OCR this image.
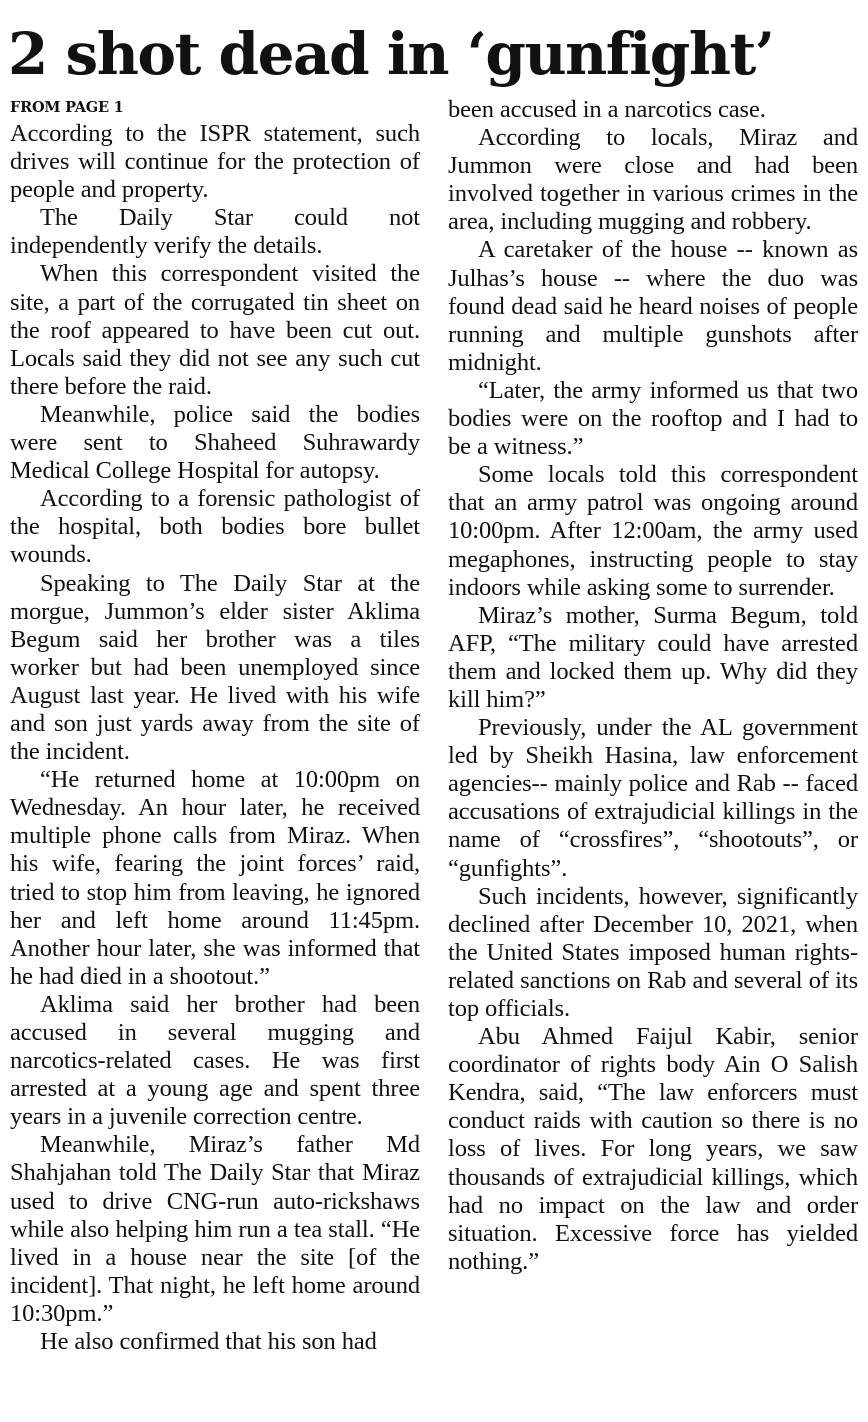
2 shot dead in ‘gunfight’
FROM PAGE 1

According to the ISPR statement, such drives will continue for the protection of people and property.

The Daily Star could not independently verify the details.

When this correspondent visited the site, a part of the corrugated tin sheet on the roof appeared to have been cut out. Locals said they did not see any such cut there before the raid.

Meanwhile, police said the bodies were sent to Shaheed Suhrawardy Medical College Hospital for autopsy.

According to a forensic pathologist of the hospital, both bodies bore bullet wounds.

Speaking to The Daily Star at the morgue, Jummon’s elder sister Aklima Begum said her brother was a tiles worker but had been unemployed since August last year. He lived with his wife and son just yards away from the site of the incident.

“He returned home at 10:00pm on Wednesday. An hour later, he received multiple phone calls from Miraz. When his wife, fearing the joint forces’ raid, tried to stop him from leaving, he ignored her and left home around 11:45pm. Another hour later, she was informed that he had died in a shootout.”

Aklima said her brother had been accused in several mugging and narcotics-related cases. He was first arrested at a young age and spent three years in a juvenile correction centre.

Meanwhile, Miraz’s father Md Shahjahan told The Daily Star that Miraz used to drive CNG-run auto-rickshaws while also helping him run a tea stall. “He lived in a house near the site [of the incident]. That night, he left home around 10:30pm.”

He also confirmed that his son had

been accused in a narcotics case.

According to locals, Miraz and Jummon were close and had been involved together in various crimes in the area, including mugging and robbery.

A caretaker of the house -- known as Julhas’s house -- where the duo was found dead said he heard noises of people running and multiple gunshots after midnight.

“Later, the army informed us that two bodies were on the rooftop and I had to be a witness.”

Some locals told this correspondent that an army patrol was ongoing around 10:00pm. After 12:00am, the army used megaphones, instructing people to stay indoors while asking some to surrender.

Miraz’s mother, Surma Begum, told AFP, “The military could have arrested them and locked them up. Why did they kill him?”

Previously, under the AL government led by Sheikh Hasina, law enforcement agencies-- mainly police and Rab -- faced accusations of extrajudicial killings in the name of “crossfires”, “shootouts”, or “gunfights”.

Such incidents, however, significantly declined after December 10, 2021, when the United States imposed human rights-related sanctions on Rab and several of its top officials.

Abu Ahmed Faijul Kabir, senior coordinator of rights body Ain O Salish Kendra, said, “The law enforcers must conduct raids with caution so there is no loss of lives. For long years, we saw thousands of extrajudicial killings, which had no impact on the law and order situation. Excessive force has yielded nothing.”
